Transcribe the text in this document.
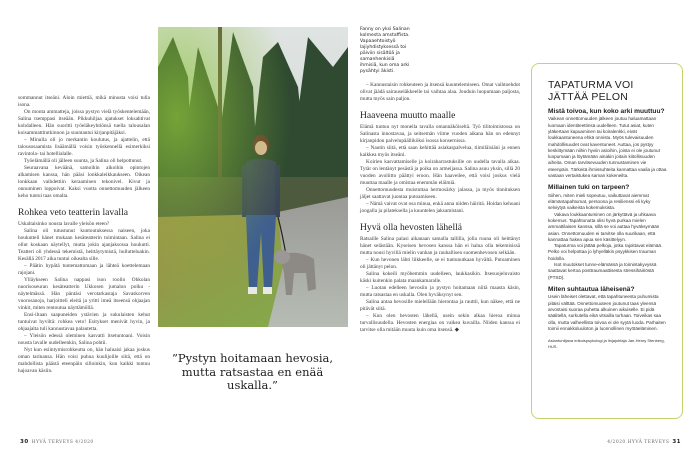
sommannut itseäni. Aloin miettiä, mikä minusta voisi tulla isona.

On monta ammatteja, joissa pystyn vielä työskentelemään, Salina tsemppasi itseään. Pikkuhiljaa ajatukset loksahtivat kohdalleen. Hän suoritti työeläkeyhtiönsä tuella talousalan koisammattitutkinnon ja suuntautui kirjanpitäjäksi.

– Minulla oli jo merkantin koulutus, ja ajattelin, että talousosaamista lisäämällä voisin työskennellä esimerkiksi ravintola- tai hotellialalle.

Työelämällä oli jälleen suunta, ja Salina oli helpottunut.

Seuraavana keväänä, samoihin aikoihin opintojen alkamisen kanssa, hän pääsi lonkkaleikkaukseen. Oikean lonkkaan vaihdettiin keraaminen tekonivel. Kivut ja onnuminen loppuivat. Kaksi vuotta onnettomuuden jälkeen keho tuntui taas omalta.

Rohkea veto teatterin lavalla

Uskaltaisinko nousta lavalle yleisön eteen?

Salina oli tutustunut kuntoutuksessa naiseen, joka houkutteli hänet mukaan kesäteatterin toimintaan. Salina ei ollut koskaan näytellyt, mutta jokin ajanjaksossa houkutti. Teatteri oli yhdessä tekemistä, heittäytymistä, hullutteluakin. Kesällä 2017 aika tuntui oikealta sille.

– Päätin hypätä tuntemattomaan ja lähteä koettelemaan rajojani.

Ylläykseen Salina nappasi ison roolin Ohkolan nuorisoseuran kesäteatterin Ukkosen jumalon polku -näytelmässä. Hän päntäsi verotarkastaja Savaskorven vuorosanoja, harjoitteli eleitä ja yritti imeä itseensä ohjaajan vinkit, miten rentoutua näyttämöllä.

Ensi-iltaan saapuneiden ystävien ja sukulaisten kehut tuntuivat hyviltä: rohkea veto! Esitykset menivät hyvin, ja ohjaajalta tuli kannustavaa palautetta.

– Yleisön edessä oleminen kasvatti itsetuntoani. Voisin nousta lavalle uudelleenkin, Salina pohtii.

Nyt kun esiintymisrohkeutta on, hän haluaisi jakaa joskus oman tarinansa. Hän voisi puhua kuulijoille siitä, että on mahdollista päästä eteenpäin silloinkin, kun kaikki tuntuu hajoavan käsiin.

”Pystyn hoitamaan hevosia, mutta ratsastaa en enää uskalla.”
Fanny on yksi Salinan kolmesta amstaffista. Vapaaehtoistyö lajiyhdistyksessä toi päiviin sisältöä ja samanhenkisiä ihmisiä, kun oma arki pysähtyi äkisti.

– Kannustaisin rohkeuteen ja itsensä kuuntelemiseen. Omat vaihtoehdot olivat jäädä sairauseläkkeelle tai vaihtaa alaa. Jouduin luopumaan paljosta, mutta myös sain paljon.

Haaveena muutto maalle

Elämä tuntuu nyt monella tavalla omannäköiseltä. Työ tilitoimistossa on Salinasta innostavaa, ja seitsemän viime vuoden aikana hän on edennyt kirjanpidon palvelupäälliköksi isossa konsernissa.

– Nautin siitä, että saan kehittää asiakaspalvelua, tiimiläisiäni ja ennen kaikkea myös itseäni.

Koirien kasvattamiselle ja koiraharrastuksille on uudella tavalla aikaa. Tytär on lentänyt pesästä ja poika on armeijassa. Salina asuu yksin, sillä 20 vuoden avoliitto päättyi eroon. Hän haaveilee, että voisi joskus vielä muuttaa maalle ja omistaa enemmän eläimiä.

Onnettomuudesta muistuttaa hermosärky jalassa, ja myös tinnituksen jäljet saattavat juontaa putoamiseen.

– Nämä vaivat ovat osa minua, enkä anna niiden häiritä. Hoidan kehoani joogalla ja pilateksella ja kuuntelen jaksamistani.

Hyvä olla hevosten lähellä

Ratsaille Salina palasi aikanaan samalla tallilla, jolla ruuna oli heittänyt hänet selästään. Kyseisen hevosen kanssa hän ei halua olla tekemisissä mutta nousi hyvillä mielin vanhan ja rauhallisen suomenhevosen selkään.

– Kun hevonen lähti liikkeelle, se ei tuntunutkaan hyvältä. Putoaminen oli jättänyt pelon.

Salina kokeili myöhemmin uudelleen, laukkasikin. Itsesuojeluvaisto käski kuitenkin palata maankamaralle.

– Luotan edelleen hevosiin ja pystyn hoitamaan niitä maasta käsin, mutta ratsastaa en uskalla. Olen hyväksynyt sen.

Salina antaa hevosille mielellään hierontaa ja rauttii, kun näkee, että ne pitävät siitä.

– Kun olen hevosten lähellä, usein sekin alkaa hieroa minua turvallisuudella. Hevosten energiaa on vaikea kuvailla. Niiden kanssa ei tarvitse olla mitään muuta kuin oma itsensä. ◆

TAPATURMA VOI JÄTTÄÄ PELON
Mistä toivoa, kun koko arki muuttuu?

Vaikean onnettomuuden jälkeen joutuu haluamattaan luomaan identiteettinsä uudelleen. Tutut asiat, kuten yläkertaan kapuaminen tai koiralenkki, eivät loukkaantuneena ehkä onnistu. Myös tulevaisuuden mahdollisuudet ovat kaventuneet. Auttaa, jos pystyy keskittymään niihin hyviin asioihin, joista ei ole joutunut luopumaan ja löytämään ainakin joitain kiitollisuuden aiheita. Oman tarvitsevuuden tunnustaminen vie eteenpäin. Tärkeitä ihmissuhteita kannattaa vaalia ja ottaa vastaan vertaistukea saman kokeneilta.

Millainen tuki on tarpeen?

Siihen, miten mieli sopeutuu, vaikuttavat aiemmat elämäntapahtumat, persoona ja resilienssi eli kyky selviytyä vaikeista kokemuksista.

Vakava loukkaantuminen on järkyttävä ja uhkaava kokemus. Tapahtunutta olisi hyvä purkaa mielen ammattilaisen kanssa, sillä se voi auttaa hyväksymään asian. Onnettomuuden ei tarvitse olla suurikaan, että kannattaa hakea apua sen käsittelyyn.

Tapaturma voi jättää pelkoja, jotka rajoittavat elämää. Pelko voi helpottaa jo lyhyelläkin psyykkisen trauman hoidolla.

Isot muutokset tunne-elämässä ja toimintakyvyssä saattavat kertoa posttraumaattisesta stressihäiriöstä (PTSD).

Miten suhtautua läheisenä?

Usein läheiset olettavat, että tapahtuneesta puhumista pitäisi välttää. Onnettomuuteen joutunut taas yleensä arvostaisi suoraa puhetta alkuinen aikuiselle. Ei pidä säälitellä, surkutella eikä vitsailla turhaan. Toiveikas saa olla, mutta valheellista toivoa ei ole syytä luoda. Parhaiten toimii ennakkoluuloton ja luonnollinen myötäeläminen.

Asiantuntijana erikoispsykologi ja linjajohtaja Jan-Henry Stenberg, HUS.

30 HYVÄ TERVEYS 4/2020	4/2020 HYVÄ TERVEYS 31
